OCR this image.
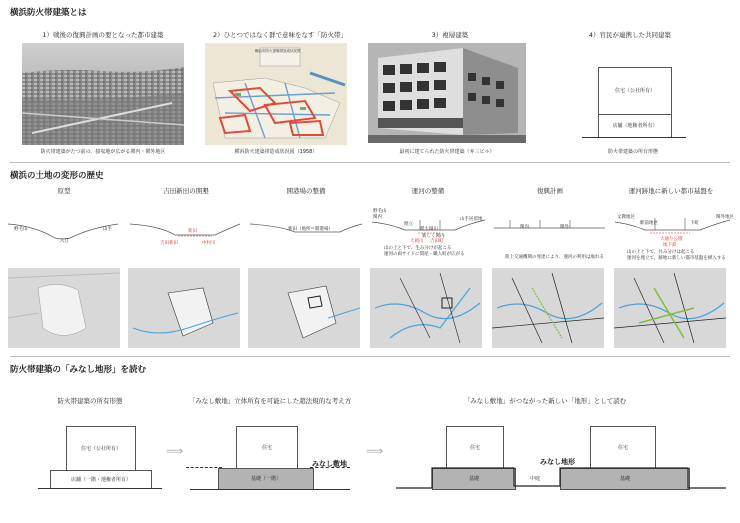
横浜防火帯建築とは
1）戦後の復興計画の要となった都市建築	2）ひとつではなく群で意味をなす「防火帯」	3）複層建築	4）官民が連携した共同建築
防火帯建築がたつ前の、接収地が広がる関内・関外地区
横浜市防火建築帯造成状況図
横浜防火建築帯造成状況図（1958）	最初に建てられた防火帯建築（弁三ビル）
住宅（公社所有）
店舗（地権者所有）
防火帯建築の所有形態
横浜の土地の変形の歴史
原型	吉田新田の開墾	開港場の整備	運河の整備	復興計画	運河跡地に新しい都市基盤を
野毛山
入江
山手	新田
吉田新田	中村川
新田（地所＝開港場）
野毛山
関内
埋立
山手居留地
派大岡川
新しく関内
吉田町
大岡川
山の上と下で、生み分けが起こる
運河の両サイドに問屋・職人町が広がる
関内	関外
陸上交通機関の発達により、運河の利用は廃れる
文教地区
駅前地区	下町
関外地区
大通り公園
地下鉄
山の上と下で、住み分けは起こる
運河を埋立て、跡地に新しい都市基盤を挿入する
防火帯建築の「みなし地形」を読む
防火帯建築の所有形態	「みなし敷地」立体所有を可能にした超法規的な考え方	「みなし敷地」がつながった新しい「地形」として読む
住宅（公社所有）
店舗（一階・地権者所有）
⟹	住宅
基礎（一階）
みなし敷地
⟹	住宅	住宅
基礎	基礎
中庭
みなし地形
